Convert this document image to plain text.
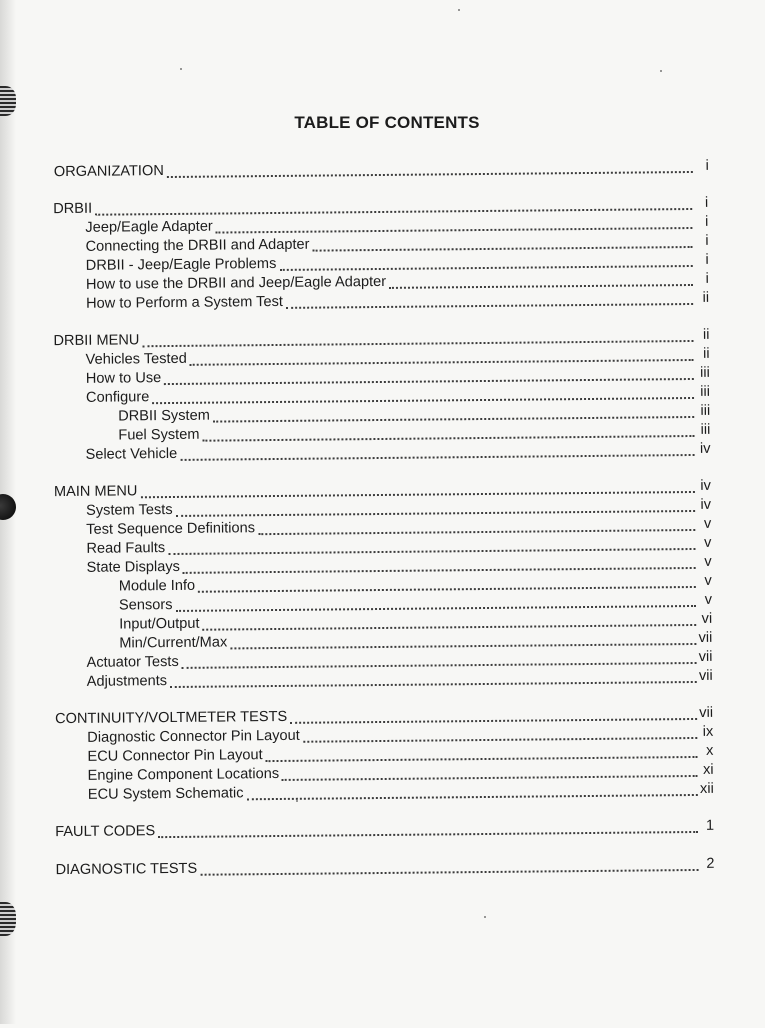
TABLE OF CONTENTS
ORGANIZATION	i
DRBII	i
Jeep/Eagle Adapter	i
Connecting the DRBII and Adapter	i
DRBII - Jeep/Eagle Problems	i
How to use the DRBII and Jeep/Eagle Adapter	i
How to Perform a System Test	ii
DRBII MENU	ii
Vehicles Tested	ii
How to Use	iii
Configure	iii
DRBII System	iii
Fuel System	iii
Select Vehicle	iv
MAIN MENU	iv
System Tests	iv
Test Sequence Definitions	v
Read Faults	v
State Displays	v
Module Info	v
Sensors	v
Input/Output	vi
Min/Current/Max	vii
Actuator Tests	vii
Adjustments	vii
CONTINUITY/VOLTMETER TESTS	vii
Diagnostic Connector Pin Layout	ix
ECU Connector Pin Layout	x
Engine Component Locations	xi
ECU System Schematic	xii
FAULT CODES	1
DIAGNOSTIC TESTS	2
